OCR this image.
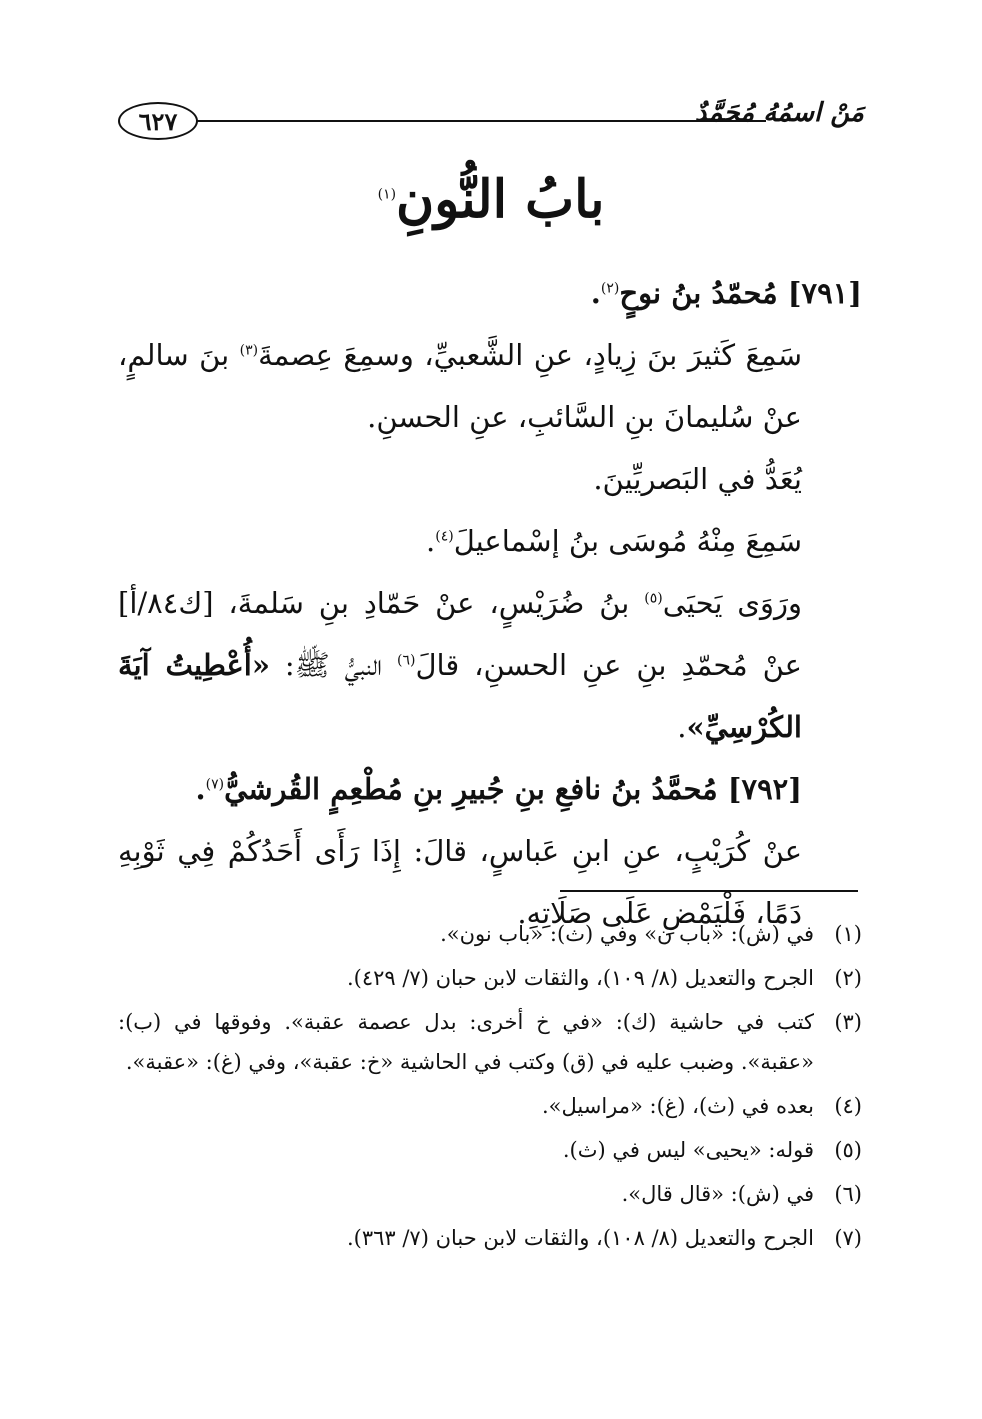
٦٢٧	مَنْ اسمُهُ مُحَمَّدٌ
بابُ النُّونِ$^{(١)}$

[٧٩١] مُحمّدُ بنُ نوحٍ$^{(٢)}$.

سَمِعَ كَثيرَ بنَ زِيادٍ، عنِ الشَّعبيِّ، وسمِعَ عِصمةَ$^{(٣)}$ بنَ سالمٍ، عنْ سُليمانَ بنِ السَّائبِ، عنِ الحسنِ.

يُعَدُّ في البَصريِّينَ.

سَمِعَ مِنْهُ مُوسَى بنُ إسْماعيلَ$^{(٤)}$.

ورَوَى يَحيَى$^{(٥)}$ بنُ ضُرَيْسٍ، عنْ حَمّادِ بنِ سَلمةَ، [ك٨٤/أ] عنْ مُحمّدِ بنِ عنِ الحسنِ، قالَ$^{(٦)}$ النبيُّ ﷺ: «أُعْطِيتُ آيَةَ الكُرْسِيِّ».

[٧٩٢] مُحمَّدُ بنُ نافعِ بنِ جُبيرِ بنِ مُطْعِمٍ القُرشيُّ$^{(٧)}$.

عنْ كُرَيْبٍ، عنِ ابنِ عَباسٍ، قالَ: إِذَا رَأَى أَحَدُكُمْ فِي ثَوْبِهِ دَمًا، فَلْيَمْضِ عَلَى صَلَاتِهِ.

(١)
في (ش): «باب ن» وفي (ث): «باب نون».
(٢)
الجرح والتعديل (٨/ ١٠٩)، والثقات لابن حبان (٧/ ٤٢٩).
(٣)
كتب في حاشية (ك): «في خ أخرى: بدل عصمة عقبة». وفوقها في (ب): «عقبة». وضبب عليه في (ق) وكتب في الحاشية «خ: عقبة»، وفي (غ): «عقبة».
(٤)
بعده في (ث)، (غ): «مراسيل».
(٥)
قوله: «يحيى» ليس في (ث).
(٦)
في (ش): «قال قال».
(٧)
الجرح والتعديل (٨/ ١٠٨)، والثقات لابن حبان (٧/ ٣٦٣).
